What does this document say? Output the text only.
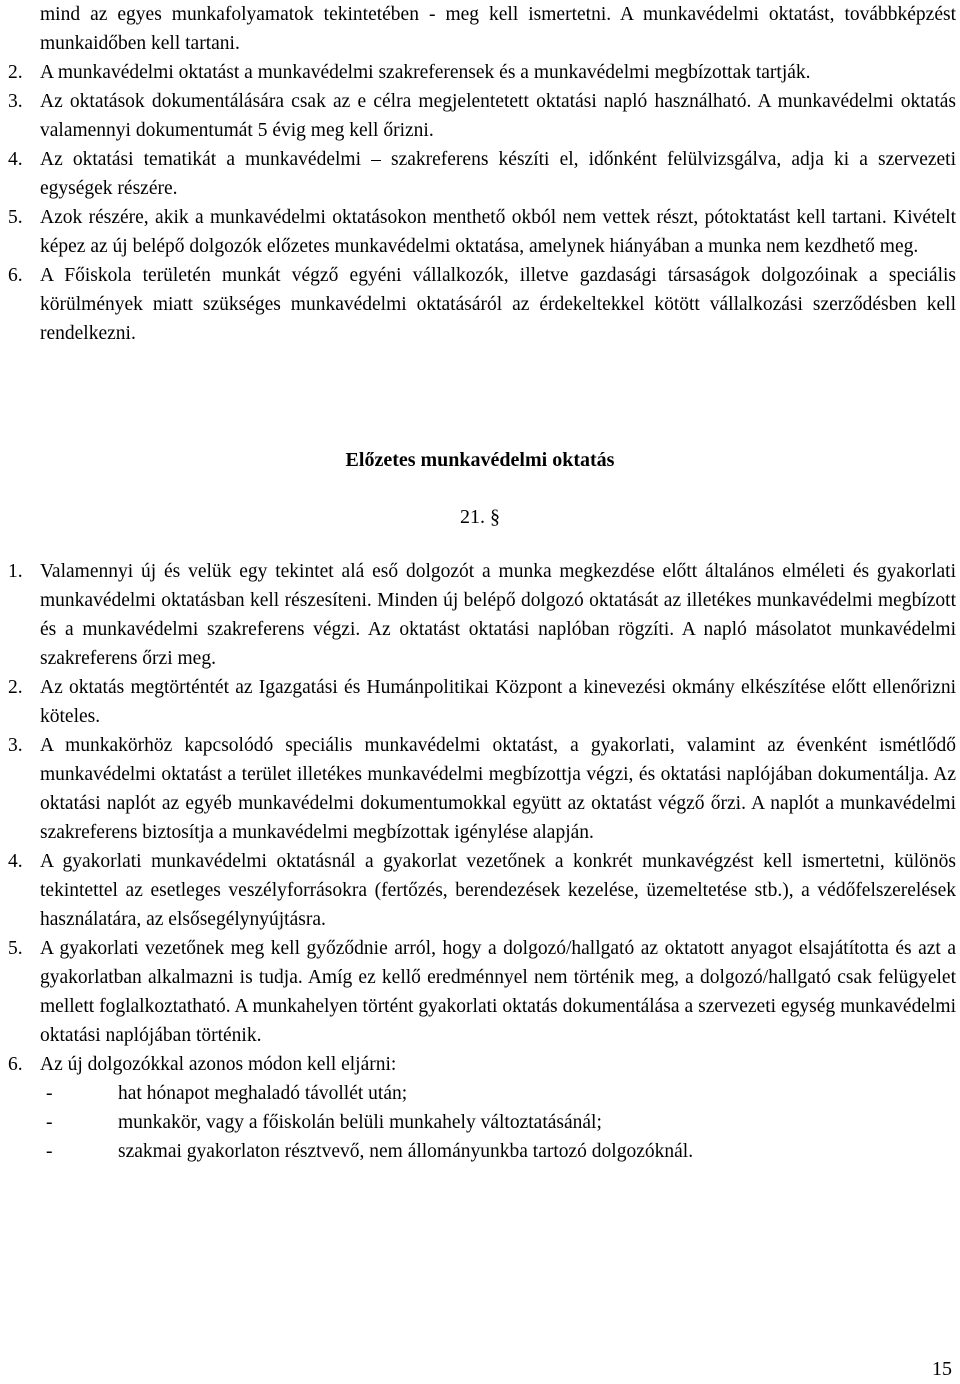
mind az egyes munkafolyamatok tekintetében - meg kell ismertetni. A munkavédelmi oktatást, továbbképzést munkaidőben kell tartani.
2. A munkavédelmi oktatást a munkavédelmi szakreferensek és a munkavédelmi megbízottak tartják.
3. Az oktatások dokumentálására csak az e célra megjelentetett oktatási napló használható. A munkavédelmi oktatás valamennyi dokumentumát 5 évig meg kell őrizni.
4. Az oktatási tematikát a munkavédelmi – szakreferens készíti el, időnként felülvizsgálva, adja ki a szervezeti egységek részére.
5. Azok részére, akik a munkavédelmi oktatásokon menthető okból nem vettek részt, pótoktatást kell tartani. Kivételt képez az új belépő dolgozók előzetes munkavédelmi oktatása, amelynek hiányában a munka nem kezdhető meg.
6. A Főiskola területén munkát végző egyéni vállalkozók, illetve gazdasági társaságok dolgozóinak a speciális körülmények miatt szükséges munkavédelmi oktatásáról az érdekeltekkel kötött vállalkozási szerződésben kell rendelkezni.
Előzetes munkavédelmi oktatás
21. §
1. Valamennyi új és velük egy tekintet alá eső dolgozót a munka megkezdése előtt általános elméleti és gyakorlati munkavédelmi oktatásban kell részesíteni. Minden új belépő dolgozó oktatását az illetékes munkavédelmi megbízott és a munkavédelmi szakreferens végzi. Az oktatást oktatási naplóban rögzíti. A napló másolatot munkavédelmi szakreferens őrzi meg.
2. Az oktatás megtörténtét az Igazgatási és Humánpolitikai Központ a kinevezési okmány elkészítése előtt ellenőrizni köteles.
3. A munkakörhöz kapcsolódó speciális munkavédelmi oktatást, a gyakorlati, valamint az évenként ismétlődő munkavédelmi oktatást a terület illetékes munkavédelmi megbízottja végzi, és oktatási naplójában dokumentálja. Az oktatási naplót az egyéb munkavédelmi dokumentumokkal együtt az oktatást végző őrzi. A naplót a munkavédelmi szakreferens biztosítja a munkavédelmi megbízottak igénylése alapján.
4. A gyakorlati munkavédelmi oktatásnál a gyakorlat vezetőnek a konkrét munkavégzést kell ismertetni, különös tekintettel az esetleges veszélyforrásokra (fertőzés, berendezések kezelése, üzemeltetése stb.), a védőfelszerelések használatára, az elsősegélynyújtásra.
5. A gyakorlati vezetőnek meg kell győződnie arról, hogy a dolgozó/hallgató az oktatott anyagot elsajátította és azt a gyakorlatban alkalmazni is tudja. Amíg ez kellő eredménnyel nem történik meg, a dolgozó/hallgató csak felügyelet mellett foglalkoztatható. A munkahelyen történt gyakorlati oktatás dokumentálása a szervezeti egység munkavédelmi oktatási naplójában történik.
6. Az új dolgozókkal azonos módon kell eljárni:
-	hat hónapot meghaladó távollét után;
-	munkakör, vagy a főiskolán belüli munkahely változtatásánál;
-	szakmai gyakorlaton résztvevő, nem állományunkba tartozó dolgozóknál.
15
